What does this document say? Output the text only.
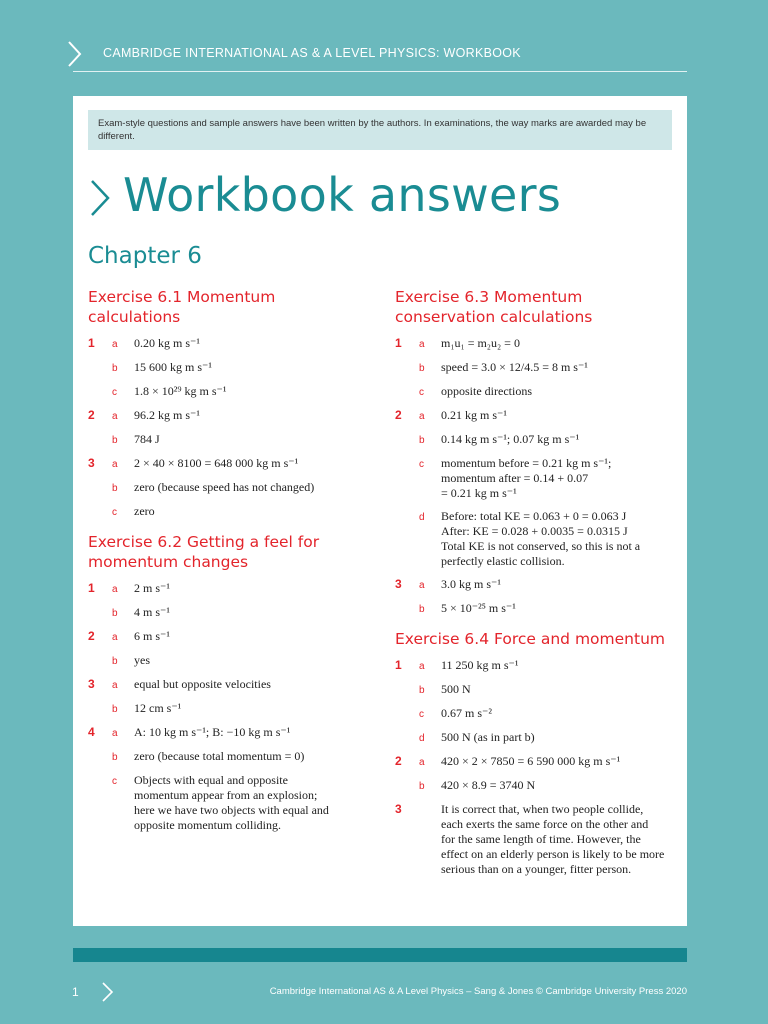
CAMBRIDGE INTERNATIONAL AS & A LEVEL PHYSICS: WORKBOOK
Exam-style questions and sample answers have been written by the authors. In examinations, the way marks are awarded may be different.
Workbook answers
Chapter 6
Exercise 6.1 Momentum calculations
1	a	0.20 kg m s⁻¹
b	15 600 kg m s⁻¹
c	1.8 × 10²⁹ kg m s⁻¹
2	a	96.2 kg m s⁻¹
b	784 J
3	a	2 × 40 × 8100 = 648 000 kg m s⁻¹
b	zero (because speed has not changed)
c	zero
Exercise 6.2 Getting a feel for momentum changes
1	a	2 m s⁻¹
b	4 m s⁻¹
2	a	6 m s⁻¹
b	yes
3	a	equal but opposite velocities
b	12 cm s⁻¹
4	a	A: 10 kg m s⁻¹; B: −10 kg m s⁻¹
b	zero (because total momentum = 0)
c	Objects with equal and opposite
momentum appear from an explosion;
here we have two objects with equal and
opposite momentum colliding.
Exercise 6.3 Momentum conservation calculations
1	a	m₁u₁ = m₂u₂ = 0
b	speed = 3.0 × 12/4.5 = 8 m s⁻¹
c	opposite directions
2	a	0.21 kg m s⁻¹
b	0.14 kg m s⁻¹; 0.07 kg m s⁻¹
c	momentum before = 0.21 kg m s⁻¹;
momentum after = 0.14 + 0.07
= 0.21 kg m s⁻¹
d	Before: total KE = 0.063 + 0 = 0.063 J
After: KE = 0.028 + 0.0035 = 0.0315 J
Total KE is not conserved, so this is not a
perfectly elastic collision.
3	a	3.0 kg m s⁻¹
b	5 × 10⁻²⁵ m s⁻¹
Exercise 6.4 Force and momentum
1	a	11 250 kg m s⁻¹
b	500 N
c	0.67 m s⁻²
d	500 N (as in part b)
2	a	420 × 2 × 7850 = 6 590 000 kg m s⁻¹
b	420 × 8.9 = 3740 N
3	It is correct that, when two people collide,
each exerts the same force on the other and
for the same length of time. However, the
effect on an elderly person is likely to be more
serious than on a younger, fitter person.
1	Cambridge International AS & A Level Physics – Sang & Jones © Cambridge University Press 2020
